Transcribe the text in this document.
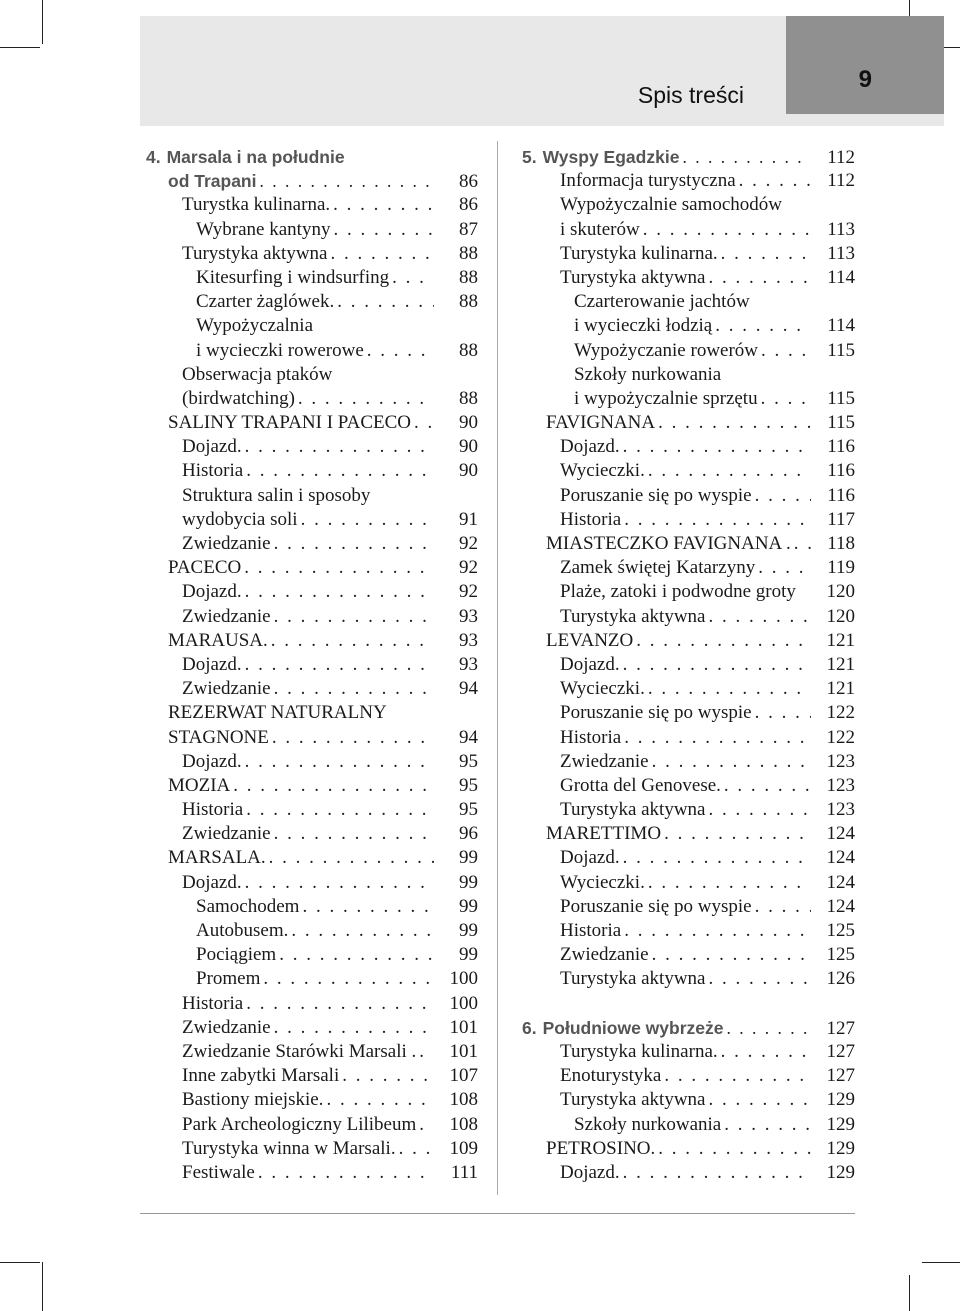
Spis treści
9
4. Marsala i na południe
od Trapani . . .	86
Turystka kulinarna. . . .	86
Wybrane kantyny . . .	87
Turystyka aktywna . . .	88
Kitesurfing i windsurfing . . .	88
Czarter żaglówek. . . .	88
Wypożyczalnia
i wycieczki rowerowe . . .	88
Obserwacja ptaków
(birdwatching) . . .	88
SALINY TRAPANI I PACECO . . .	90
Dojazd. . . .	90
Historia . . .	90
Struktura salin i sposoby
wydobycia soli . . .	91
Zwiedzanie . . .	92
PACECO . . .	92
Dojazd. . . .	92
Zwiedzanie . . .	93
MARAUSA. . . .	93
Dojazd. . . .	93
Zwiedzanie . . .	94
REZERWAT NATURALNY
STAGNONE . . .	94
Dojazd. . . .	95
MOZIA . . .	95
Historia . . .	95
Zwiedzanie . . .	96
MARSALA. . . .	99
Dojazd. . . .	99
Samochodem . . .	99
Autobusem. . . .	99
Pociągiem . . .	99
Promem . . .	100
Historia . . .	100
Zwiedzanie . . .	101
Zwiedzanie Starówki Marsali . . . .	101
Inne zabytki Marsali . . .	107
Bastiony miejskie. . . .	108
Park Archeologiczny Lilibeum . . .	108
Turystyka winna w Marsali. . . .	109
Festiwale . . .	111
5. Wyspy Egadzkie . . .	112
Informacja turystyczna . . .	112
Wypożyczalnie samochodów
i skuterów . . .	113
Turystyka kulinarna. . . .	113
Turystyka aktywna . . .	114
Czarterowanie jachtów
i wycieczki łodzią . . .	114
Wypożyczanie rowerów . . .	115
Szkoły nurkowania
i wypożyczalnie sprzętu . . .	115
FAVIGNANA . . .	115
Dojazd. . . .	116
Wycieczki. . . .	116
Poruszanie się po wyspie . . .	116
Historia . . .	117
MIASTECZKO FAVIGNANA . . . .	118
Zamek świętej Katarzyny . . .	119
Plaże, zatoki i podwodne groty	120
Turystyka aktywna . . .	120
LEVANZO . . .	121
Dojazd. . . .	121
Wycieczki. . . .	121
Poruszanie się po wyspie . . .	122
Historia . . .	122
Zwiedzanie . . .	123
Grotta del Genovese. . . .	123
Turystyka aktywna . . .	123
MARETTIMO . . .	124
Dojazd. . . .	124
Wycieczki. . . .	124
Poruszanie się po wyspie . . .	124
Historia . . .	125
Zwiedzanie . . .	125
Turystyka aktywna . . .	126
6. Południowe wybrzeże . . .	127
Turystyka kulinarna. . . .	127
Enoturystyka . . .	127
Turystyka aktywna . . .	129
Szkoły nurkowania . . .	129
PETROSINO. . . .	129
Dojazd. . . .	129
